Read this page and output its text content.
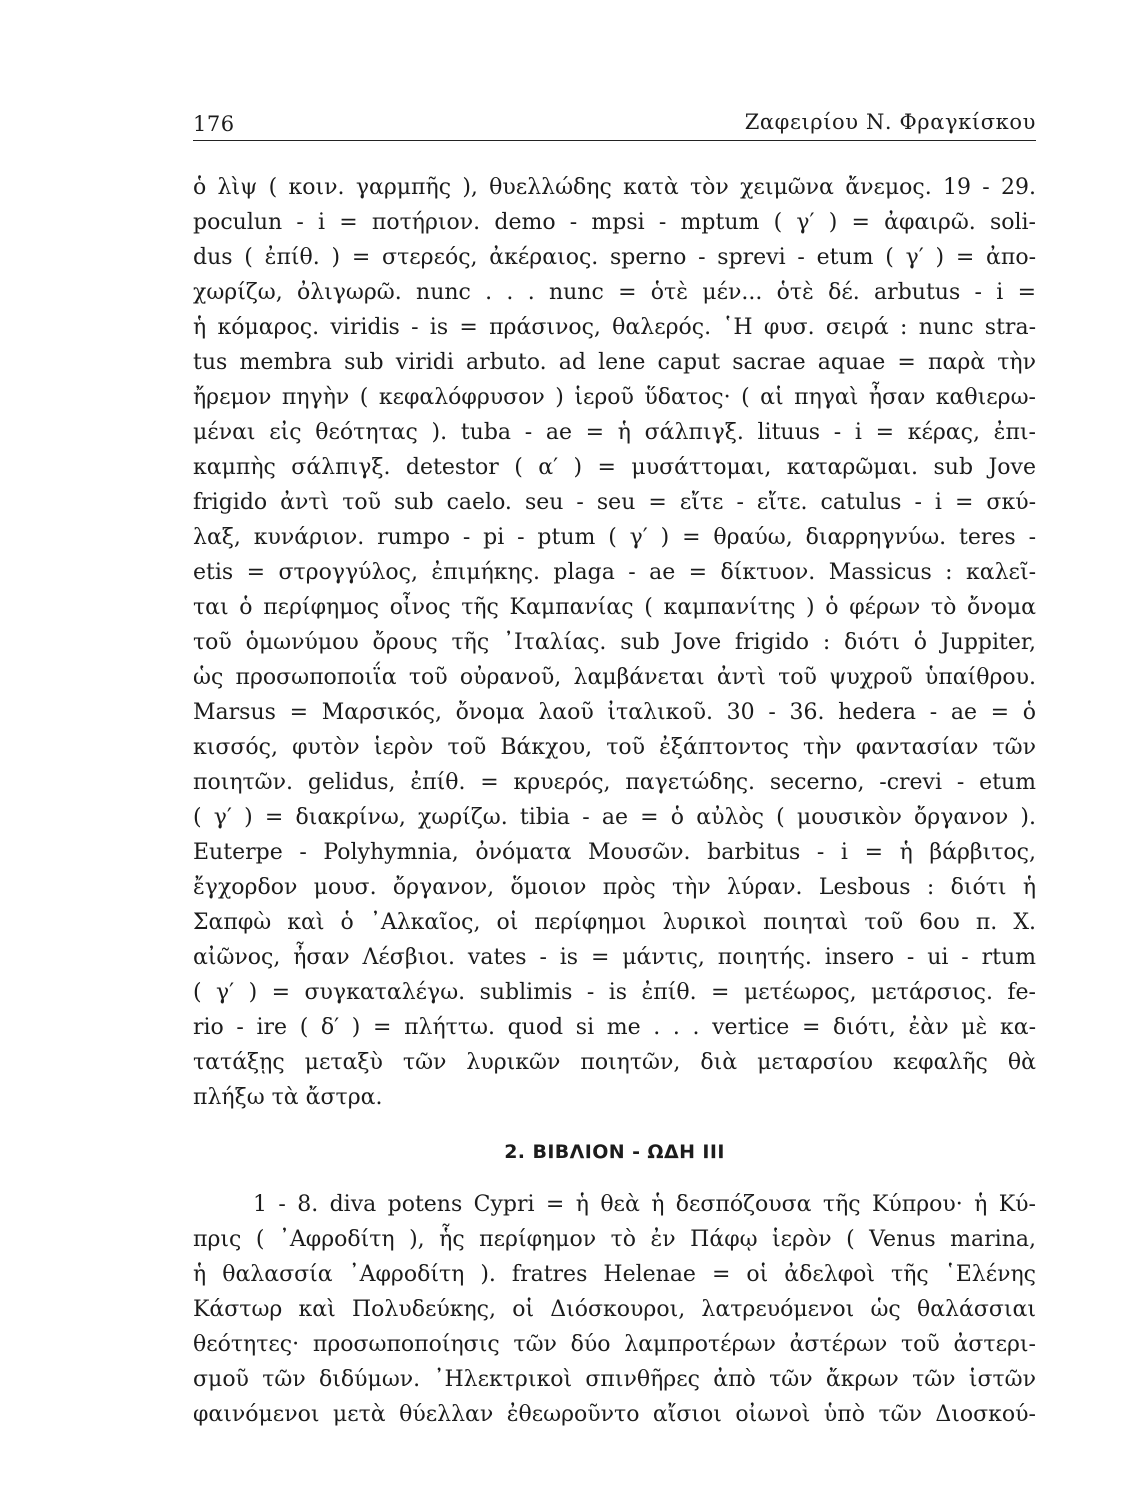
176	Ζαφειρίου Ν. Φραγκίσκου
ὁ λὶψ ( κοιν. γαρμπῆς ), θυελλώδης κατὰ τὸν χειμῶνα ἄνεμος. 19 - 29.
poculun - i = ποτήριον. demo - mpsi - mptum ( γ′ ) = ἀφαιρῶ. soli-
dus ( ἐπίθ. ) = στερεός, ἀκέραιος. sperno - sprevi - etum ( γ′ ) = ἀπο-
χωρίζω, ὀλιγωρῶ. nunc . . . nunc = ὁτὲ μέν... ὁτὲ δέ. arbutus - i =
ἡ κόμαρος. viridis - is = πράσινος, θαλερός. ῾Η φυσ. σειρά : nunc stra-
tus membra sub viridi arbuto. ad lene caput sacrae aquae = παρὰ τὴν
ἤρεμον πηγὴν ( κεφαλόφρυσον ) ἱεροῦ ὕδατος· ( αἱ πηγαὶ ἦσαν καθιερω-
μέναι εἰς θεότητας ). tuba - ae = ἡ σάλπιγξ. lituus - i = κέρας, ἐπι-
καμπὴς σάλπιγξ. detestor ( α′ ) = μυσάττομαι, καταρῶμαι. sub Jove
frigido ἀντὶ τοῦ sub caelo. seu - seu = εἴτε - εἴτε. catulus - i = σκύ-
λαξ, κυνάριον. rumpo - pi - ptum ( γ′ ) = θραύω, διαρρηγνύω. teres -
etis = στρογγύλος, ἐπιμήκης. plaga - ae = δίκτυον. Massicus : καλεῖ-
ται ὁ περίφημος οἶνος τῆς Καμπανίας ( καμπανίτης ) ὁ φέρων τὸ ὄνομα
τοῦ ὁμωνύμου ὄρους τῆς ᾿Ιταλίας. sub Jove frigido : διότι ὁ Juppiter,
ὡς προσωποποιΐα τοῦ οὐρανοῦ, λαμβάνεται ἀντὶ τοῦ ψυχροῦ ὑπαίθρου.
Marsus = Μαρσικός, ὄνομα λαοῦ ἰταλικοῦ. 30 - 36. hedera - ae = ὁ
κισσός, φυτὸν ἱερὸν τοῦ Βάκχου, τοῦ ἐξάπτοντος τὴν φαντασίαν τῶν
ποιητῶν. gelidus, ἐπίθ. = κρυερός, παγετώδης. secerno, -crevi - etum
( γ′ ) = διακρίνω, χωρίζω. tibia - ae = ὁ αὐλὸς ( μουσικὸν ὄργανον ).
Euterpe - Polyhymnia, ὀνόματα Μουσῶν. barbitus - i = ἡ βάρβιτος,
ἔγχορδον μουσ. ὄργανον, ὅμοιον πρὸς τὴν λύραν. Lesbous : διότι ἡ
Σαπφὼ καὶ ὁ ᾿Αλκαῖος, οἱ περίφημοι λυρικοὶ ποιηταὶ τοῦ 6ου π. Χ.
αἰῶνος, ἦσαν Λέσβιοι. vates - is = μάντις, ποιητής. insero - ui - rtum
( γ′ ) = συγκαταλέγω. sublimis - is ἐπίθ. = μετέωρος, μετάρσιος. fe-
rio - ire ( δ′ ) = πλήττω. quod si me . . . vertice = διότι, ἐὰν μὲ κα-
τατάξῃς μεταξὺ τῶν λυρικῶν ποιητῶν, διὰ μεταρσίου κεφαλῆς θὰ
πλήξω τὰ ἄστρα.
2. ΒΙΒΛΙΟΝ - ΩΔΗ ΙΙΙ
1 - 8. diva potens Cypri = ἡ θεὰ ἡ δεσπόζουσα τῆς Κύπρου· ἡ Κύ-
πρις ( ᾿Αφροδίτη ), ἧς περίφημον τὸ ἐν Πάφῳ ἱερὸν ( Venus marina,
ἡ θαλασσία ᾿Αφροδίτη ). fratres Helenae = οἱ ἀδελφοὶ τῆς ῾Ελένης
Κάστωρ καὶ Πολυδεύκης, οἱ Διόσκουροι, λατρευόμενοι ὡς θαλάσσιαι
θεότητες· προσωποποίησις τῶν δύο λαμπροτέρων ἀστέρων τοῦ ἀστερι-
σμοῦ τῶν διδύμων. ᾿Ηλεκτρικοὶ σπινθῆρες ἀπὸ τῶν ἄκρων τῶν ἱστῶν
φαινόμενοι μετὰ θύελλαν ἐθεωροῦντο αἴσιοι οἰωνοὶ ὑπὸ τῶν Διοσκού-
